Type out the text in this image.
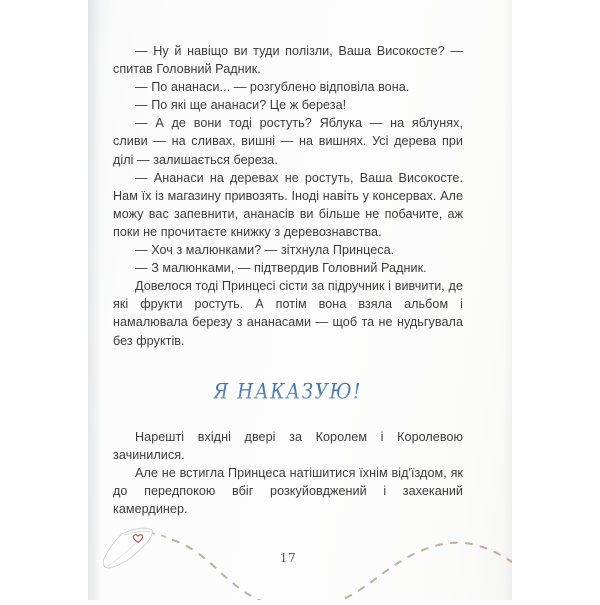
— Ну й навіщо ви туди полізли, Ваша Високосте? — спитав Головний Радник.

— По ананаси... — розгублено відповіла вона.

— По які ще ананаси? Це ж береза!

— А де вони тоді ростуть? Яблука — на яблунях, сливи — на сливах, вишні — на вишнях. Усі дерева при ділі — залишається береза.

— Ананаси на деревах не ростуть, Ваша Високосте. Нам їх із магазину привозять. Іноді навіть у консервах. Але можу вас запевнити, ананасів ви більше не побачите, аж поки не прочитаєте книжку з деревознавства.

— Хоч з малюнками? — зітхнула Принцеса.

— З малюнками, — підтвердив Головний Радник.

Довелося тоді Принцесі сісти за підручник і вивчити, де які фрукти ростуть. А потім вона взяла альбом і намалювала березу з ананасами — щоб та не нудьгувала без фруктів.

Я НАКАЗУЮ!

Нарешті вхідні двері за Королем і Королевою зачинилися.

Але не встигла Принцеса натішитися їхнім від'їздом, як до передпокою вбіг розкуйовджений і захеканий камердинер.

17
